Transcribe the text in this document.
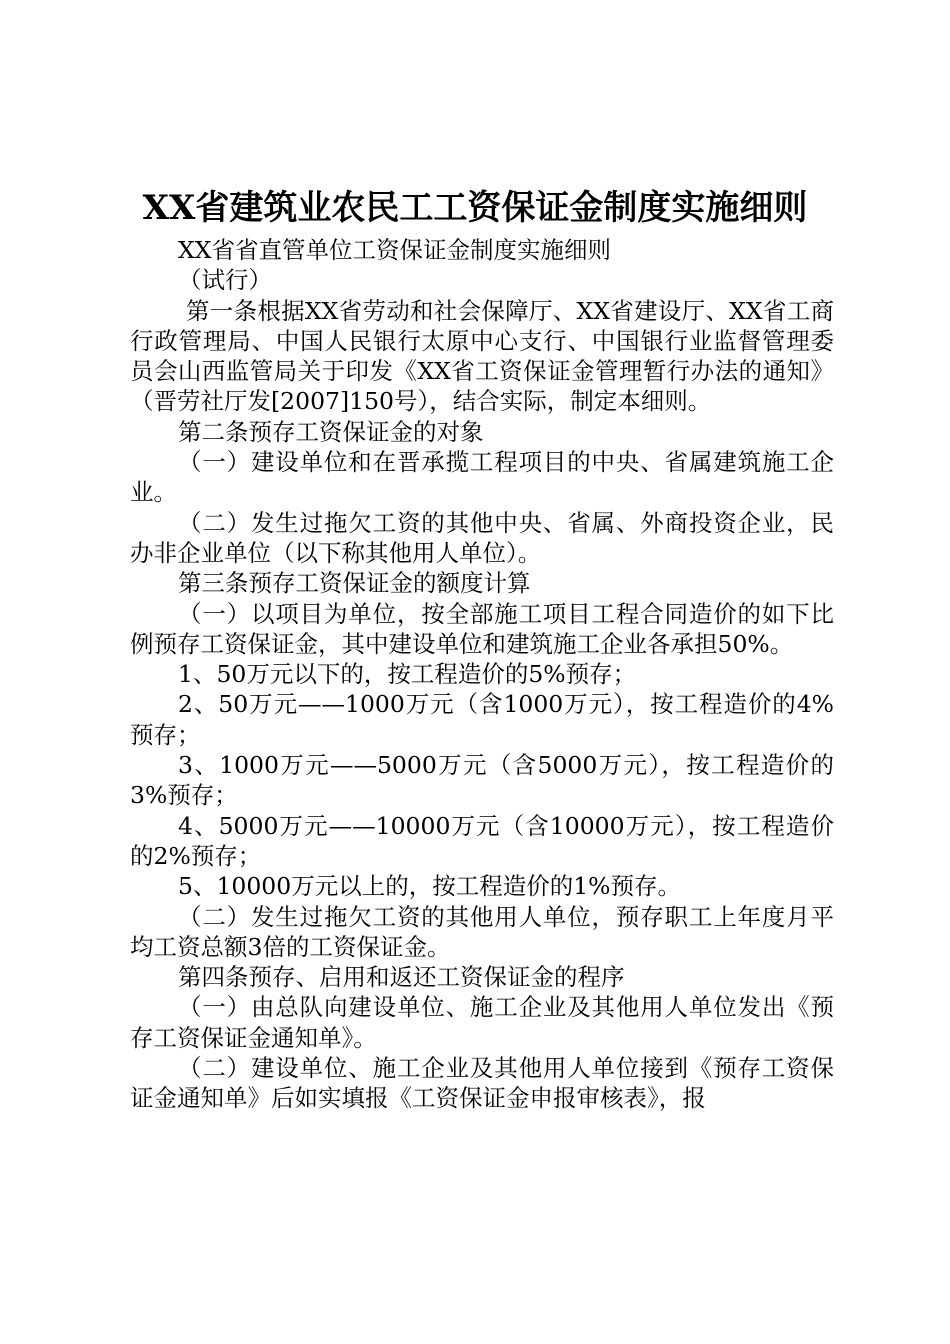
XX省建筑业农民工工资保证金制度实施细则

XX省省直管单位工资保证金制度实施细则

（试行）

第一条根据XX省劳动和社会保障厅、XX省建设厅、XX省工商行政管理局、中国人民银行太原中心支行、中国银行业监督管理委员会山西监管局关于印发《XX省工资保证金管理暂行办法的通知》（晋劳社厅发[2007]150号），结合实际，制定本细则。

第二条预存工资保证金的对象

（一）建设单位和在晋承揽工程项目的中央、省属建筑施工企业。

（二）发生过拖欠工资的其他中央、省属、外商投资企业，民办非企业单位（以下称其他用人单位）。

第三条预存工资保证金的额度计算

（一）以项目为单位，按全部施工项目工程合同造价的如下比例预存工资保证金，其中建设单位和建筑施工企业各承担50%。

1、50万元以下的，按工程造价的5%预存；

2、50万元——1000万元（含1000万元），按工程造价的4%预存；

3、1000万元——5000万元（含5000万元），按工程造价的3%预存；

4、5000万元——10000万元（含10000万元），按工程造价的2%预存；

5、10000万元以上的，按工程造价的1%预存。

（二）发生过拖欠工资的其他用人单位，预存职工上年度月平均工资总额3倍的工资保证金。

第四条预存、启用和返还工资保证金的程序

（一）由总队向建设单位、施工企业及其他用人单位发出《预存工资保证金通知单》。

（二）建设单位、施工企业及其他用人单位接到《预存工资保证金通知单》后如实填报《工资保证金申报审核表》，报
